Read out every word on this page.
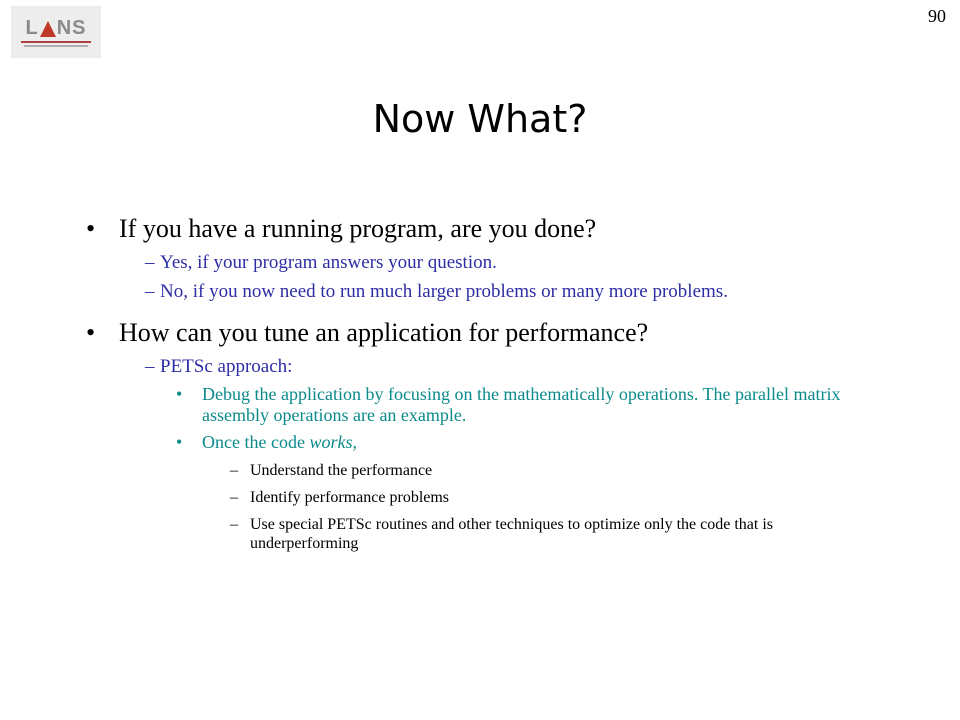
L NS
90
Now What?
• If you have a running program, are you done?
– Yes, if your program answers your question.
– No, if you now need to run much larger problems or many more problems.
• How can you tune an application for performance?
– PETSc approach:
• Debug the application by focusing on the mathematically operations. The parallel matrix assembly operations are an example.
• Once the code works,
– Understand the performance
– Identify performance problems
– Use special PETSc routines and other techniques to optimize only the code that is underperforming
